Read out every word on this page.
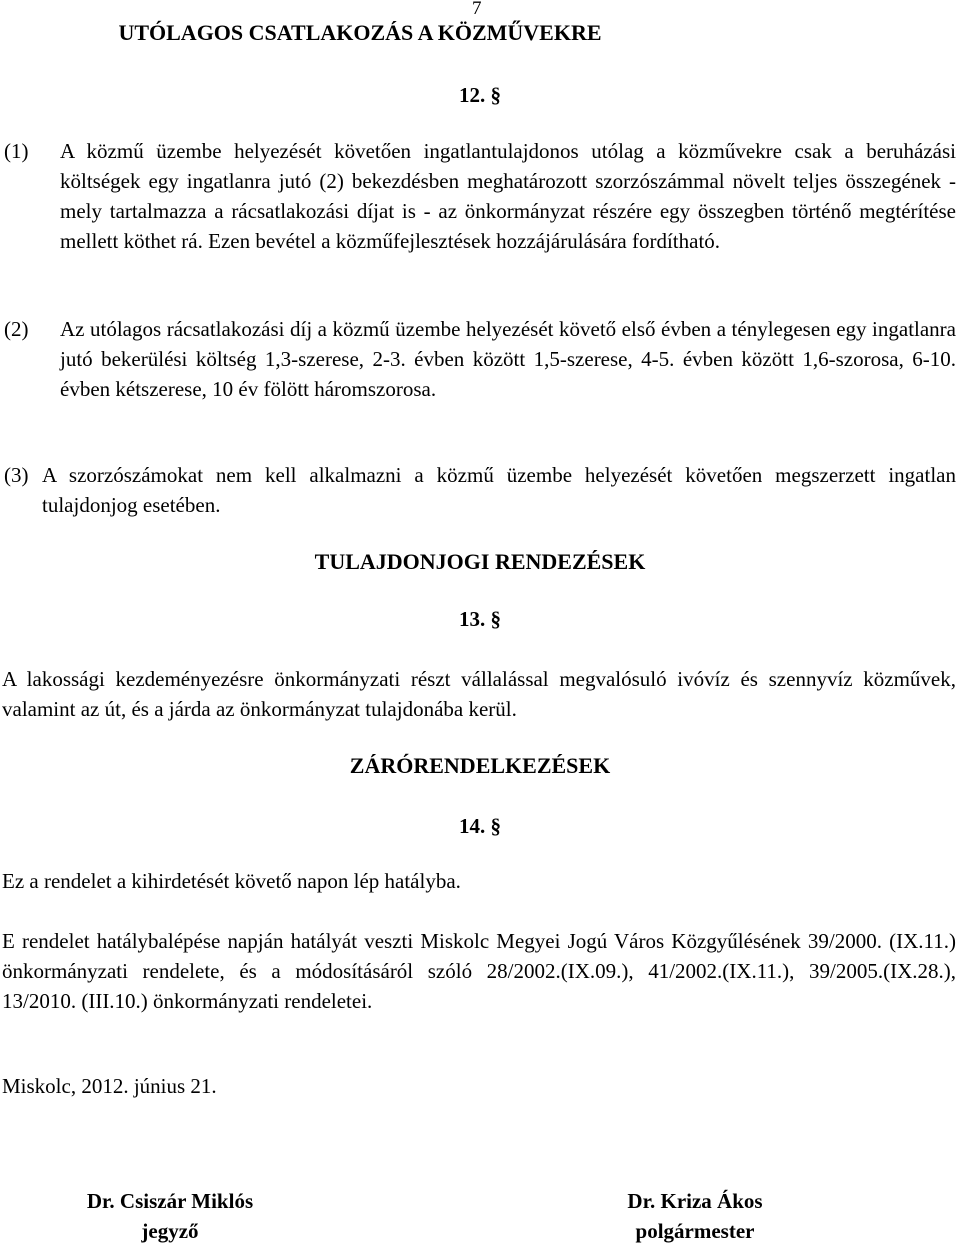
7
UTÓLAGOS CSATLAKOZÁS A KÖZMŰVEKRE
12. §
(1)	A közmű üzembe helyezését követően ingatlantulajdonos utólag a közművekre csak a beruházási költségek egy ingatlanra jutó (2) bekezdésben meghatározott szorzószámmal növelt teljes összegének - mely tartalmazza a rácsatlakozási díjat is - az önkormányzat részére egy összegben történő megtérítése mellett köthet rá. Ezen bevétel a közműfejlesztések hozzájárulására fordítható.
(2)	Az utólagos rácsatlakozási díj a közmű üzembe helyezését követő első évben a ténylegesen egy ingatlanra jutó bekerülési költség 1,3-szerese, 2-3. évben között 1,5-szerese, 4-5. évben között 1,6-szorosa, 6-10. évben kétszerese, 10 év fölött háromszorosa.
(3) A szorzószámokat nem kell alkalmazni a közmű üzembe helyezését követően megszerzett ingatlan tulajdonjog esetében.
TULAJDONJOGI RENDEZÉSEK
13. §
A lakossági kezdeményezésre önkormányzati részt vállalással megvalósuló ivóvíz és szennyvíz közművek, valamint az út, és a járda az önkormányzat tulajdonába kerül.
ZÁRÓRENDELKEZÉSEK
14. §
Ez a rendelet a kihirdetését követő napon lép hatályba.
E rendelet hatálybalépése napján hatályát veszti Miskolc Megyei Jogú Város Közgyűlésének 39/2000. (IX.11.) önkormányzati rendelete, és a módosításáról szóló 28/2002.(IX.09.), 41/2002.(IX.11.), 39/2005.(IX.28.), 13/2010. (III.10.) önkormányzati rendeletei.
Miskolc, 2012. június 21.
Dr. Csiszár Miklós
jegyző
Dr. Kriza Ákos
polgármester
